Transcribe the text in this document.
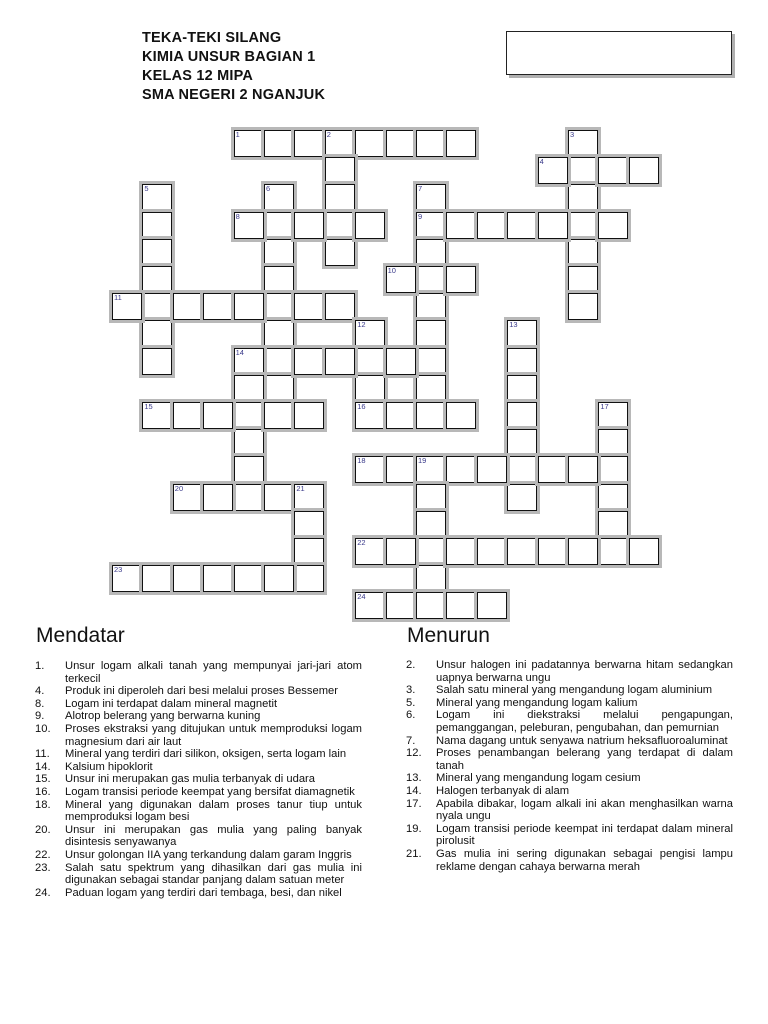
TEKA-TEKI SILANG
KIMIA UNSUR BAGIAN 1
KELAS 12 MIPA
SMA NEGERI 2 NGANJUK
1	2	3
4
5	6	7
9
8
10
11
12
16
13
14
15	17
18	19
20	21
22
23
24
Mendatar	Menurun
1.	Unsur logam alkali tanah yang mempunyai jari-jari atom terkecil
4.	Produk ini diperoleh dari besi melalui proses Bessemer
8.	Logam ini terdapat dalam mineral magnetit
9.	Alotrop belerang yang berwarna kuning
10.	Proses ekstraksi yang ditujukan untuk memproduksi logam magnesium dari air laut
11.	Mineral yang terdiri dari silikon, oksigen, serta logam lain
14.	Kalsium hipoklorit
15.	Unsur ini merupakan gas mulia terbanyak di udara
16.	Logam transisi periode keempat yang bersifat diamagnetik
18.	Mineral yang digunakan dalam proses tanur tiup untuk memproduksi logam besi
20.	Unsur ini merupakan gas mulia yang paling banyak disintesis senyawanya
22.	Unsur golongan IIA yang terkandung dalam garam Inggris
23.	Salah satu spektrum yang dihasilkan dari gas mulia ini digunakan sebagai standar panjang dalam satuan meter
24.	Paduan logam yang terdiri dari tembaga, besi, dan nikel
2.	Unsur halogen ini padatannya berwarna hitam sedangkan uapnya berwarna ungu
3.	Salah satu mineral yang mengandung logam aluminium
5.	Mineral yang mengandung logam kalium
6.	Logam ini diekstraksi melalui pengapungan, pemanggangan, peleburan, pengubahan, dan pemurnian
7.	Nama dagang untuk senyawa natrium heksafluoroaluminat
12.	Proses penambangan belerang yang terdapat di dalam tanah
13.	Mineral yang mengandung logam cesium
14.	Halogen terbanyak di alam
17.	Apabila dibakar, logam alkali ini akan menghasilkan warna nyala ungu
19.	Logam transisi periode keempat ini terdapat dalam mineral pirolusit
21.	Gas mulia ini sering digunakan sebagai pengisi lampu reklame dengan cahaya berwarna merah
